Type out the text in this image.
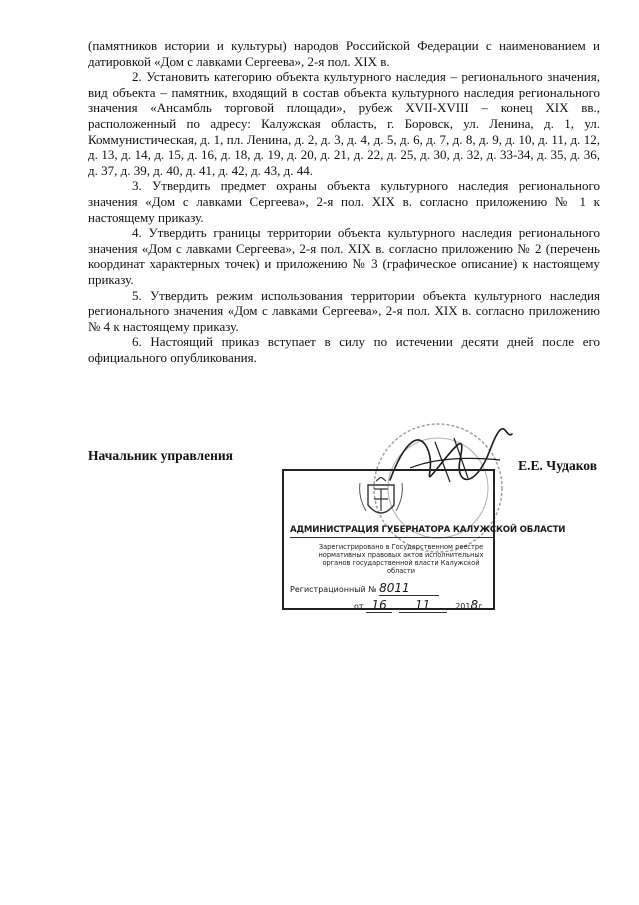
(памятников истории и культуры) народов Российской Федерации с наименованием и датировкой «Дом с лавками Сергеева», 2-я пол. XIX в.

2. Установить категорию объекта культурного наследия – регионального значения, вид объекта – памятник, входящий в состав объекта культурного наследия регионального значения «Ансамбль торговой площади», рубеж XVII-XVIII – конец XIX вв., расположенный по адресу: Калужская область, г. Боровск, ул. Ленина, д. 1, ул. Коммунистическая, д. 1, пл. Ленина, д. 2, д. 3, д. 4, д. 5, д. 6, д. 7, д. 8, д. 9, д. 10, д. 11, д. 12, д. 13, д. 14, д. 15, д. 16, д. 18, д. 19, д. 20, д. 21, д. 22, д. 25, д. 30, д. 32, д. 33-34, д. 35, д. 36, д. 37, д. 39, д. 40, д. 41, д. 42, д. 43, д. 44.

3. Утвердить предмет охраны объекта культурного наследия регионального значения «Дом с лавками Сергеева», 2-я пол. XIX в. согласно приложению № 1 к настоящему приказу.

4. Утвердить границы территории объекта культурного наследия регионального значения «Дом с лавками Сергеева», 2-я пол. XIX в. согласно приложению № 2 (перечень координат характерных точек) и приложению № 3 (графическое описание) к настоящему приказу.

5. Утвердить режим использования территории объекта культурного наследия регионального значения «Дом с лавками Сергеева», 2-я пол. XIX в. согласно приложению № 4 к настоящему приказу.

6. Настоящий приказ вступает в силу по истечении десяти дней после его официального опубликования.

Начальник управления
Е.Е. Чудаков
АДМИНИСТРАЦИЯ ГУБЕРНАТОРА КАЛУЖСКОЙ ОБЛАСТИ
Зарегистрировано в Государственном реестре нормативных правовых актов исполнительных органов государственной власти Калужской области
Регистрационный № 8011
от 16 11	2018г.
